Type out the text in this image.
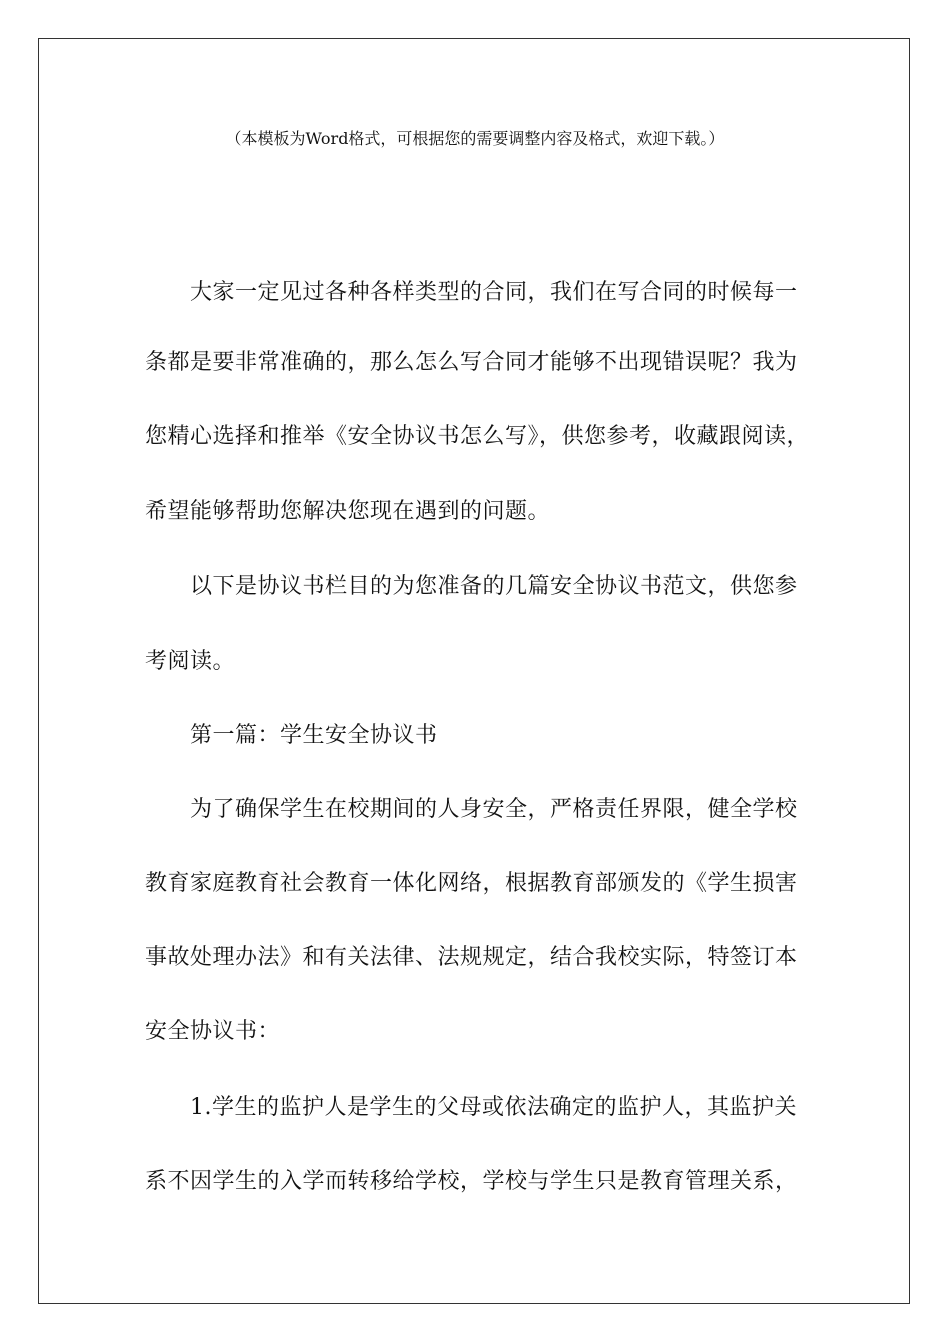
（本模板为Word格式，可根据您的需要调整内容及格式，欢迎下载。）
大家一定见过各种各样类型的合同，我们在写合同的时候每一
条都是要非常准确的，那么怎么写合同才能够不出现错误呢？我为
您精心选择和推举《安全协议书怎么写》，供您参考，收藏跟阅读，
希望能够帮助您解决您现在遇到的问题。
以下是协议书栏目的为您准备的几篇安全协议书范文，供您参
考阅读。
第一篇：学生安全协议书
为了确保学生在校期间的人身安全，严格责任界限，健全学校
教育家庭教育社会教育一体化网络，根据教育部颁发的《学生损害
事故处理办法》和有关法律、法规规定，结合我校实际，特签订本
安全协议书：
1.学生的监护人是学生的父母或依法确定的监护人，其监护关
系不因学生的入学而转移给学校，学校与学生只是教育管理关系，
